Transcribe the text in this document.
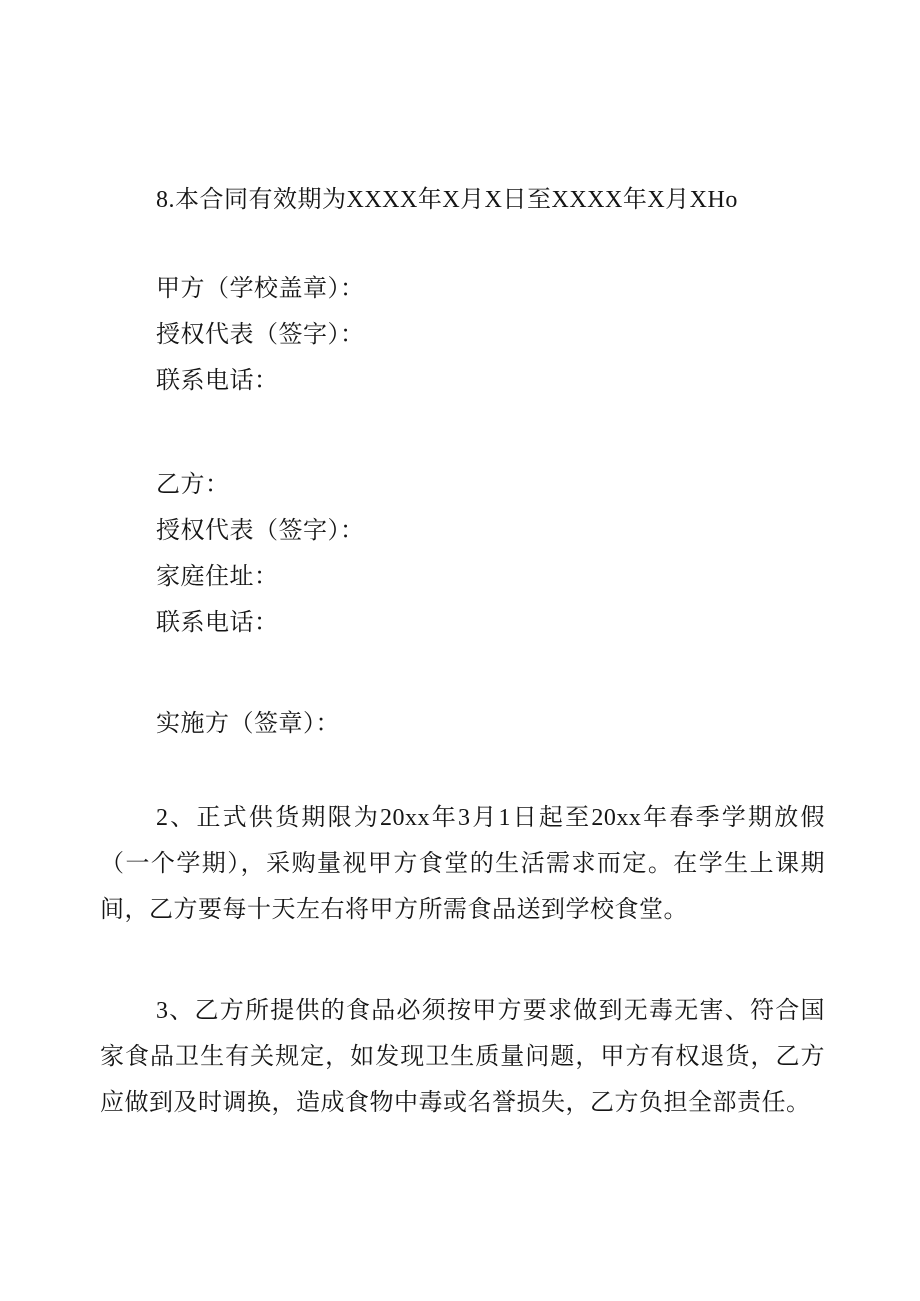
8.本合同有效期为XXXX年X月X日至XXXX年X月XHo

甲方（学校盖章）：

授权代表（签字）：

联系电话：

乙方：

授权代表（签字）：

家庭住址：

联系电话：

实施方（签章）：

2、正式供货期限为20xx年3月1日起至20xx年春季学期放假（一个学期），采购量视甲方食堂的生活需求而定。在学生上课期间，乙方要每十天左右将甲方所需食品送到学校食堂。

3、乙方所提供的食品必须按甲方要求做到无毒无害、符合国家食品卫生有关规定，如发现卫生质量问题，甲方有权退货，乙方应做到及时调换，造成食物中毒或名誉损失，乙方负担全部责任。
